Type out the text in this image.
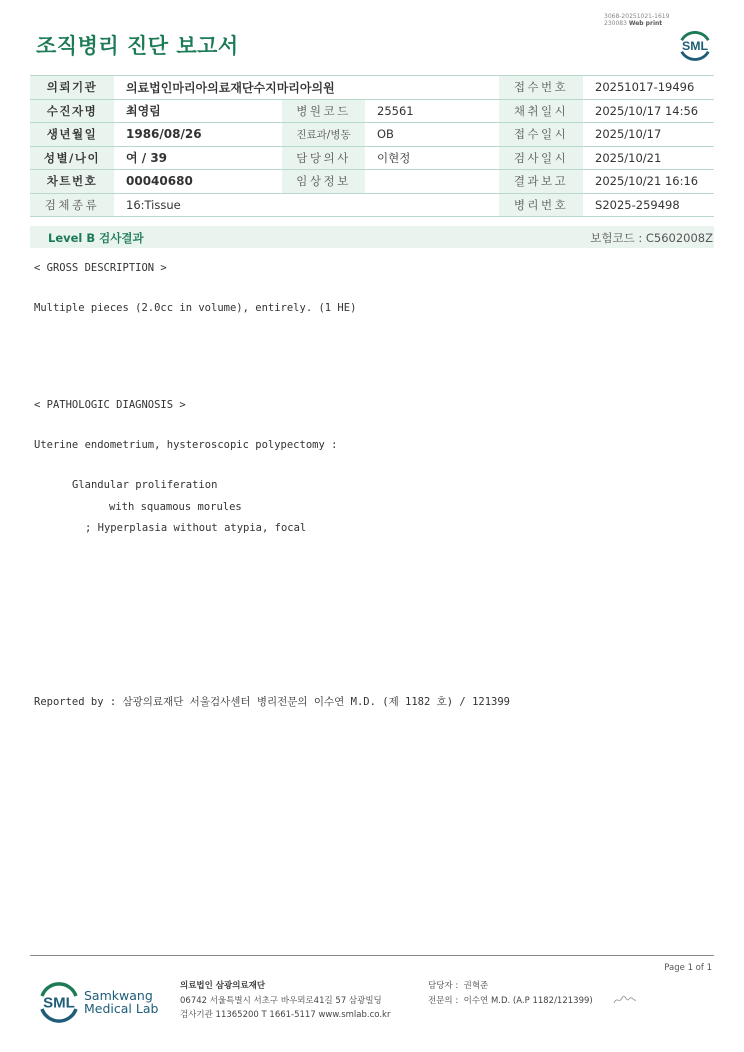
조직병리 진단 보고서
3068-20251021-1619
230083 Web print
SML
의뢰기관	의료법인마리아의료재단수지마리아의원			접수번호	20251017-19496
수진자명	최영림	병원코드	25561	채취일시	2025/10/17 14:56
생년월일	1986/08/26	진료과/병동	OB	접수일시	2025/10/17
성별/나이	여 / 39	담당의사	이현정	검사일시	2025/10/21
차트번호	00040680	임상정보		결과보고	2025/10/21 16:16
검체종류	16:Tissue			병리번호	S2025-259498
Level B 검사결과	보험코드 : C5602008Z
< GROSS DESCRIPTION >
Multiple pieces (2.0cc in volume), entirely. (1 HE)
< PATHOLOGIC DIAGNOSIS >
Uterine endometrium, hysteroscopic polypectomy :
Glandular proliferation
with squamous morules
; Hyperplasia without atypia, focal
Reported by : 삼광의료재단 서울검사센터 병리전문의 이수연 M.D. (제 1182 호) / 121399
Page 1 of 1
SML Samkwang
Medical Lab
의료법인 삼광의료재단
06742 서울특별시 서초구 바우뫼로41길 57 삼광빌딩
검사기관 11365200 T 1661-5117 www.smlab.co.kr
담당자 : 권혁준
전문의 : 이수연 M.D. (A.P 1182/121399)
